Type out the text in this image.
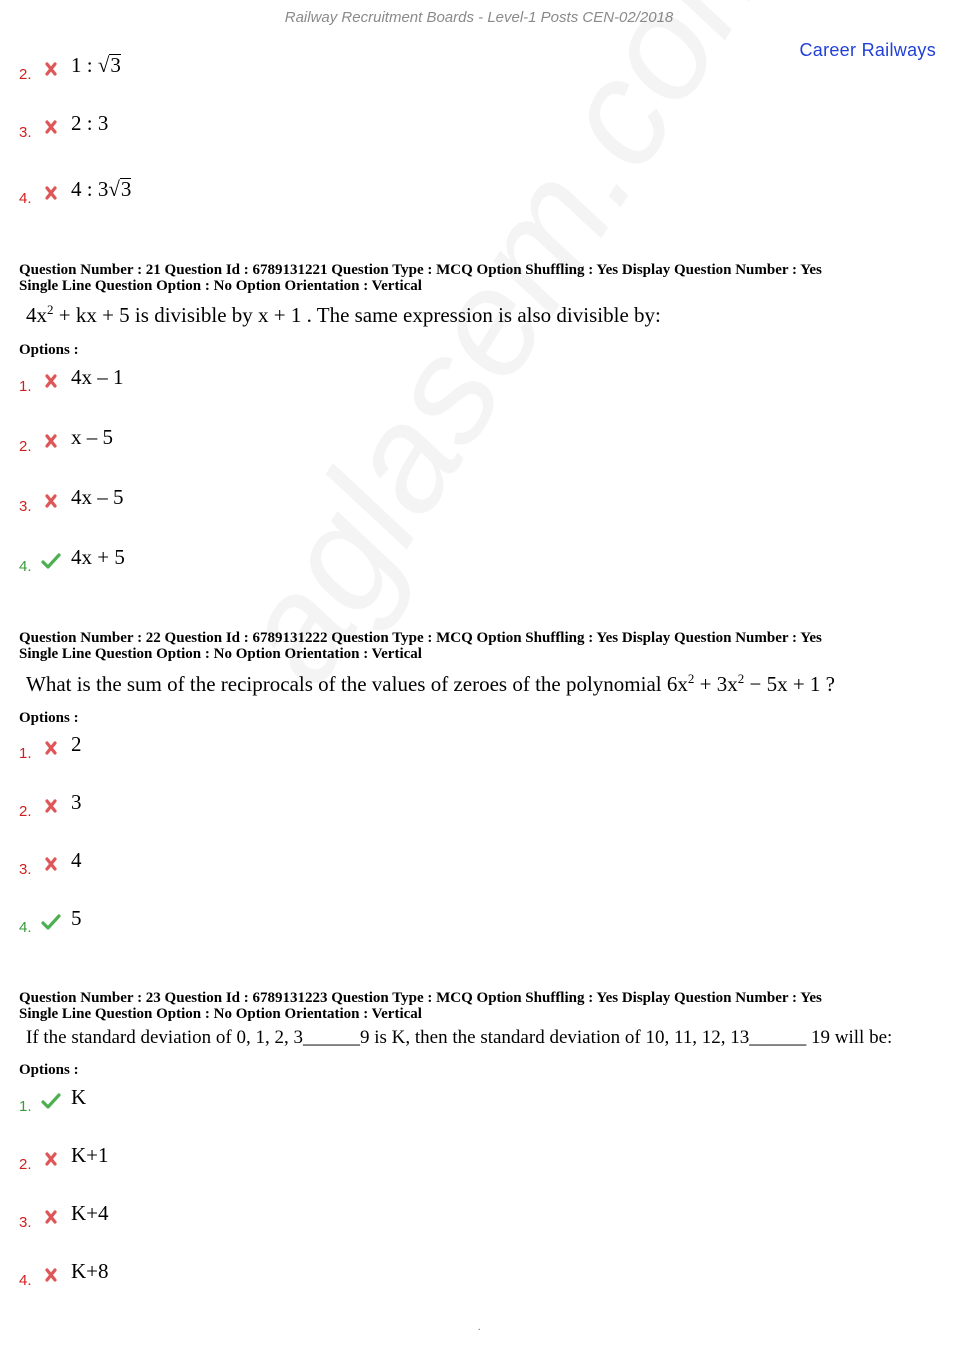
Railway Recruitment Boards - Level-1 Posts CEN-02/2018
Career Railways
2.	1 : √3
3.	2 : 3
4.	4 : 3√3
Question Number : 21 Question Id : 6789131221 Question Type : MCQ Option Shuffling : Yes Display Question Number : Yes
Single Line Question Option : No Option Orientation : Vertical
$4x^2$ + kx + 5 is divisible by x + 1 . The same expression is also divisible by:
Options :
1.	4x – 1
2.	x – 5
3.	4x – 5
4.	4x + 5
Question Number : 22 Question Id : 6789131222 Question Type : MCQ Option Shuffling : Yes Display Question Number : Yes
Single Line Question Option : No Option Orientation : Vertical
What is the sum of the reciprocals of the values of zeroes of the polynomial $6x^2 + 3x^2 - 5x + 1$ ?
Options :
1.	2
2.	3
3.	4
4.	5
Question Number : 23 Question Id : 6789131223 Question Type : MCQ Option Shuffling : Yes Display Question Number : Yes
Single Line Question Option : No Option Orientation : Vertical
If the standard deviation of 0, 1, 2, 3______9 is K, then the standard deviation of 10, 11, 12, 13______ 19 will be:
Options :
1.	K
2.	K+1
3.	K+4
4.	K+8
.
